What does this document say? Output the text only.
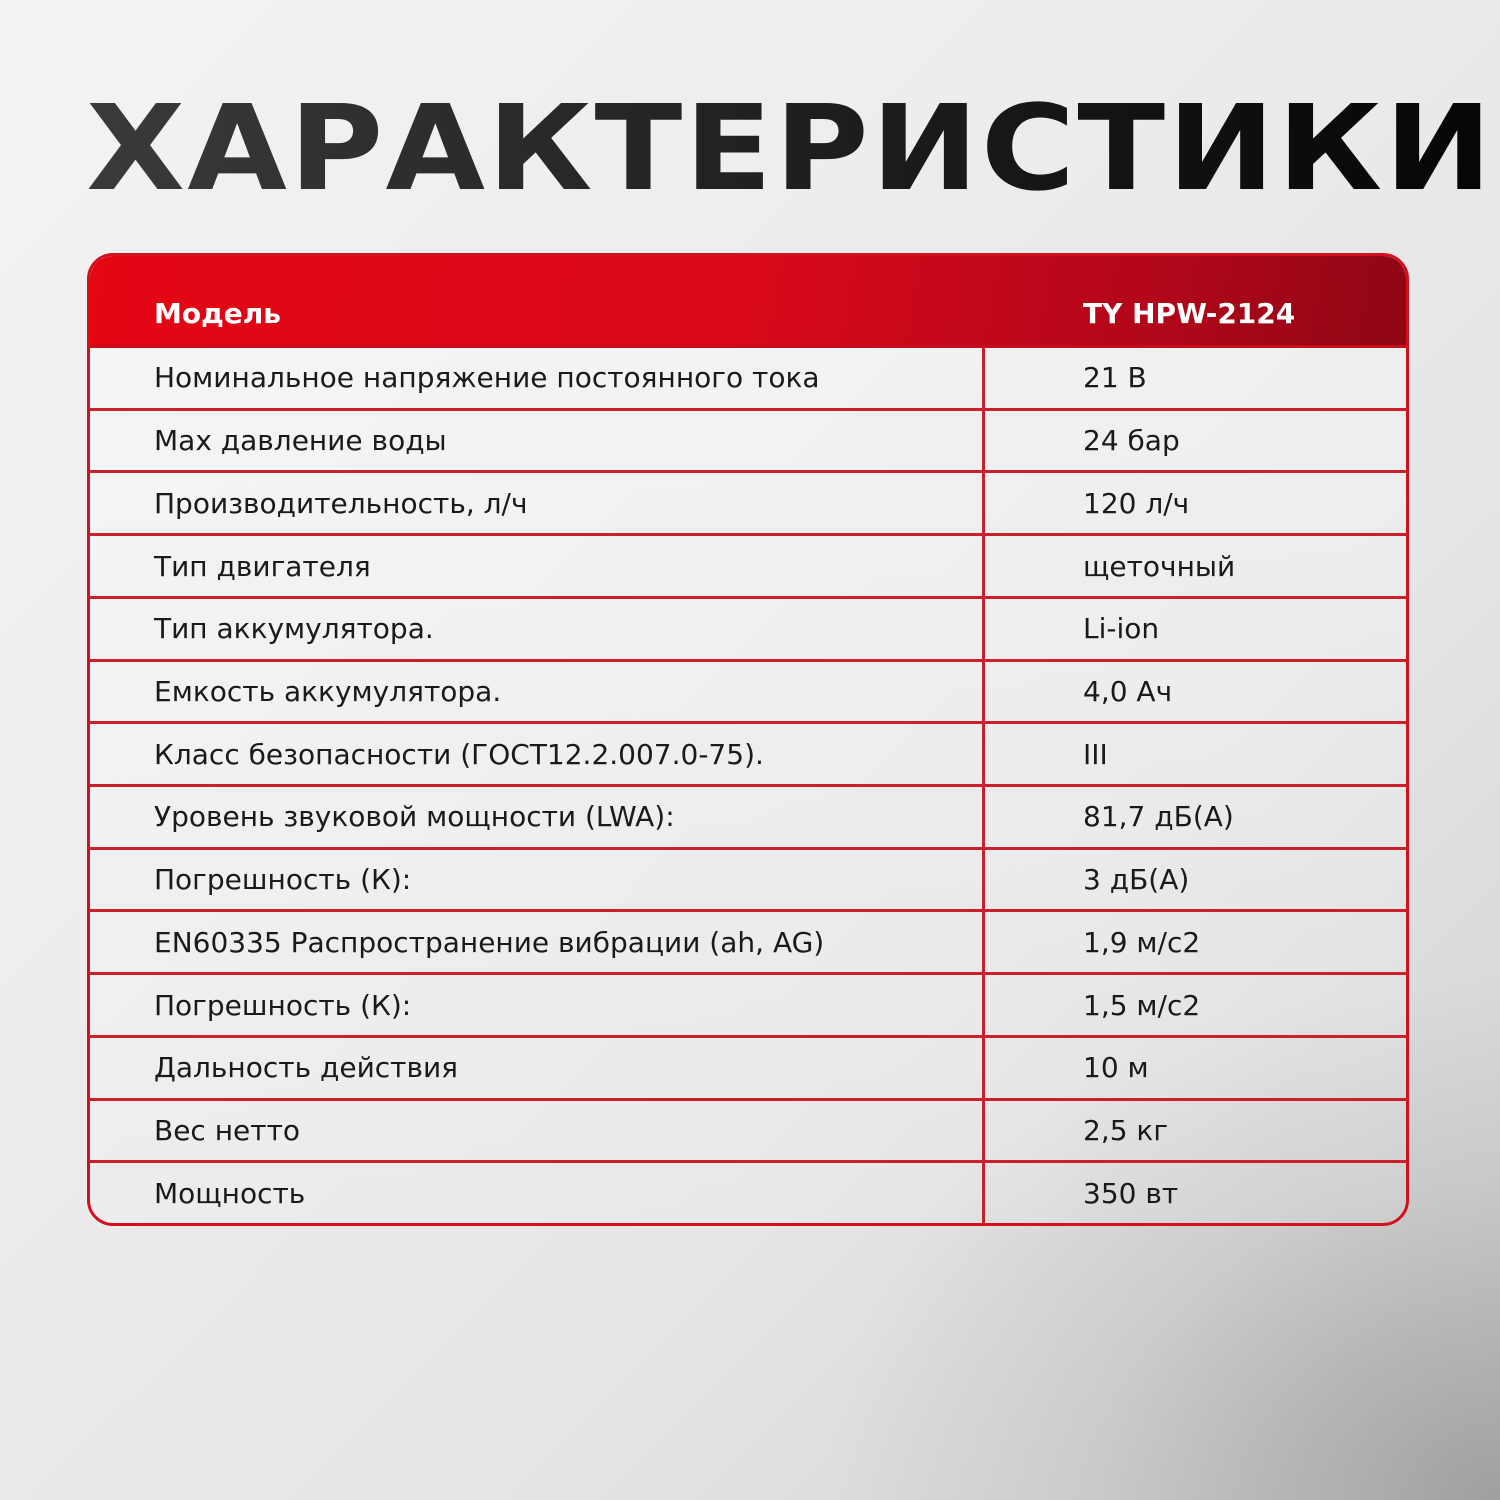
ХАРАКТЕРИСТИКИ
Модель	TY HPW-2124
Номинальное напряжение постоянного тока	21 В
Max давление воды	24 бар
Производительность, л/ч	120 л/ч
Тип двигателя	щеточный
Тип аккумулятора.	Li-ion
Емкость аккумулятора.	4,0 Ач
Класс безопасности (ГОСТ12.2.007.0-75).	III
Уровень звуковой мощности (LWA):	81,7 дБ(А)
Погрешность (К):	3 дБ(А)
EN60335 Распространение вибрации (ah, AG)	1,9 м/с2
Погрешность (К):	1,5 м/с2
Дальность действия	10 м
Вес нетто	2,5 кг
Мощность	350 вт
